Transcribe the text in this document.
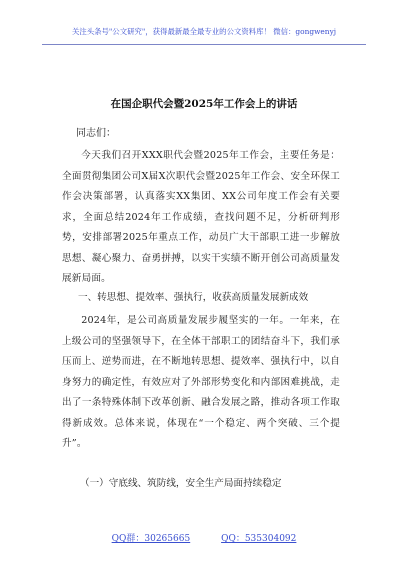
关注头条号"公文研究"，获得最新最全最专业的公文资料库！ 微信：gongwenyj
在国企职代会暨2025年工作会上的讲话
同志们：
今天我们召开XXX职代会暨2025年工作会，主要任务是：全面贯彻集团公司X届X次职代会暨2025年工作会、安全环保工作会决策部署，认真落实XX集团、XX公司年度工作会有关要求，全面总结2024年工作成绩，查找问题不足，分析研判形势，安排部署2025年重点工作，动员广大干部职工进一步解放思想、凝心聚力、奋勇拼搏，以实干实绩不断开创公司高质量发展新局面。
一、转思想、提效率、强执行，收获高质量发展新成效
2024年，是公司高质量发展步履坚实的一年。一年来，在上级公司的坚强领导下，在全体干部职工的团结奋斗下，我们承压而上、逆势而进，在不断地转思想、提效率、强执行中，以自身努力的确定性，有效应对了外部形势变化和内部困难挑战，走出了一条特殊体制下改革创新、融合发展之路，推动各项工作取得新成效。总体来说，体现在“一个稳定、两个突破、三个提升”。
（一）守底线、筑防线，安全生产局面持续稳定
QQ群：30265665	QQ：535304092
